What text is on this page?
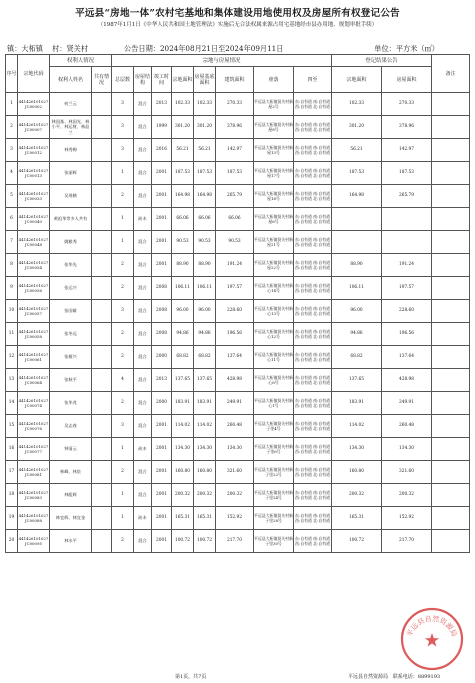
平远县“房地一体”农村宅基地和集体建设用地使用权及房屋所有权登记公告
（1987年1月1日《中华人民共和国土地管理法》实施后无合法权属来源占用宅基地经市县办用地、规划审批手续）
镇：大柘镇 村：贤关村	公告日期：2024年08月21日至2024年09月11日	单位：平方米（㎡）
序号	宗地代码	权利人情况		宗地与房屋情况								登记结果公告		备注
		权利人姓名	共有情况	总层数	房屋结构	竣工时间	宗地面积	房屋基底面积	建筑面积	座落	四至	宗地面积	房屋面积	
1	441426101027JC00002	何兰云		3	混合	2013	102.33	102.33	270.33	平远县大柘镇贤关村新屋2号	东:自有道 南:自有道 西:自有道 北:自有道	102.33	270.33	
2	441426101027JC00007	林国基、林国光、林小平、林运财、林品兰		3	混合	1999	301.20	301.20	378.96	平远县大柘镇贤关村新屋8号	东:自有道 南:自有道 西:自有道 北:自有道	301.20	378.96	
3	441426101027JC00012	林秀梅		3	混合	2016	56.21	56.21	142.97	平远县大柘镇贤关村新屋13号	东:自有道 南:自有道 西:自有道 北:自有道	56.21	142.97	
4	441426101027JC00013	张丽辉		1	混合	2001	187.53	187.53	187.53	平远县大柘镇贤关村新屋17号	东:自有道 南:自有道 西:自有道 北:自有道	187.53	187.53	
5	441426101027JC00033	吴瑶鹤		2	混合	2001	164.98	164.98	265.79	平远县大柘镇贤关村新屋16号	东:自有道 南:自有道 西:自有道 北:自有道	164.98	265.79	
6	441426101027JC00040	黄祖华等多人共有		1	砖木	2001	66.06	66.06	66.06	平远县大柘镇贤关村新屋6号	东:自有道 南:自有道 西:自有道 北:自有道			
7	441426101027JC00048	姚粮秀		1	混合	2001	90.53	90.53	90.53	平远县大柘镇贤关村新屋21号	东:自有道 南:自有道 西:自有道 北:自有道			
8	441426101027JC00054	张华先		2	混合	2001	88.90	88.90	191.24	平远县大柘镇贤关村新屋22号	东:自有道 南:自有道 西:自有道 北:自有道	88.90	191.24	
9	441426101027JC00056	张运兴		2	混合	2008	106.11	106.11	197.57	平远县大柘镇贤关村新心14号	东:自有道 南:自有道 西:自有道 北:自有道	106.11	197.57	
10	441426101027JC00057	张国雄		3	混合	2008	96.00	96.00	228.60	平远县大柘镇贤关村新心13号	东:自有道 南:自有道 西:自有道 北:自有道	96.00	228.60	
11	441426101027JC00058	张冬远		2	混合	2008	94.86	94.86	196.56	平远县大柘镇贤关村新心12号	东:自有道 南:自有道 西:自有道 北:自有道	94.86	196.56	
12	441426101027JC00061	张雁兴		2	混合	2000	68.82	68.82	137.64	平远县大柘镇贤关村新心11号	东:自有道 南:自有道 西:自有道 北:自有道	68.82	137.64	
13	441426101027JC00064	张秋平		4	混合	2013	137.65	137.65	428.98	平远县大柘镇贤关村新心8号	东:自有道 南:自有道 西:自有道 北:自有道	137.65	428.98	
14	441426101027JC00074	张华兆		2	混合	2000	183.91	183.91	249.91	平远县大柘镇贤关村新心1号	东:自有道 南:自有道 西:自有道 北:自有道	183.91	249.91	
15	441426101027JC00076	吴志春		3	混合	2001	114.02	114.02	260.48	平远县大柘镇贤关村新子里4号	东:自有道 南:自有道 西:自有道 北:自有道	114.02	260.48	
16	441426101027JC00077	钟清云		1	砖木	2001	134.30	134.30	134.30	平远县大柘镇贤关村新子里6号	东:自有道 南:自有道 西:自有道 北:自有道	134.30	134.30	
17	441426101027JC00081	林峰、林宸		2	混合	2001	160.80	160.80	321.60	平远县大柘镇贤关村新子里22号	东:自有道 南:自有道 西:自有道 北:自有道	160.80	321.60	
18	441426101027JC00083	林彪辉		1	混合	2001	200.32	200.32	200.32	平远县大柘镇贤关村新子里24号	东:自有道 南:自有道 西:自有道 北:自有道	200.32	200.32	
19	441426101027JC00088	林宜辉、林宜金		1	砖木	2001	165.31	165.31	152.92	平远县大柘镇贤关村新子里28号	东:自有道 南:自有道 西:自有道 北:自有道	165.31	152.92	
20	441426101027JC00095	林水平		2	混合	2001	100.72	100.72	217.70	平远县大柘镇贤关村新子里30号	东:自有道 南:自有道 西:自有道 北:自有道	100.72	217.70	
第1页，共7页	平远县自然资源局 联系电话：8899193
平远县自然资源局
